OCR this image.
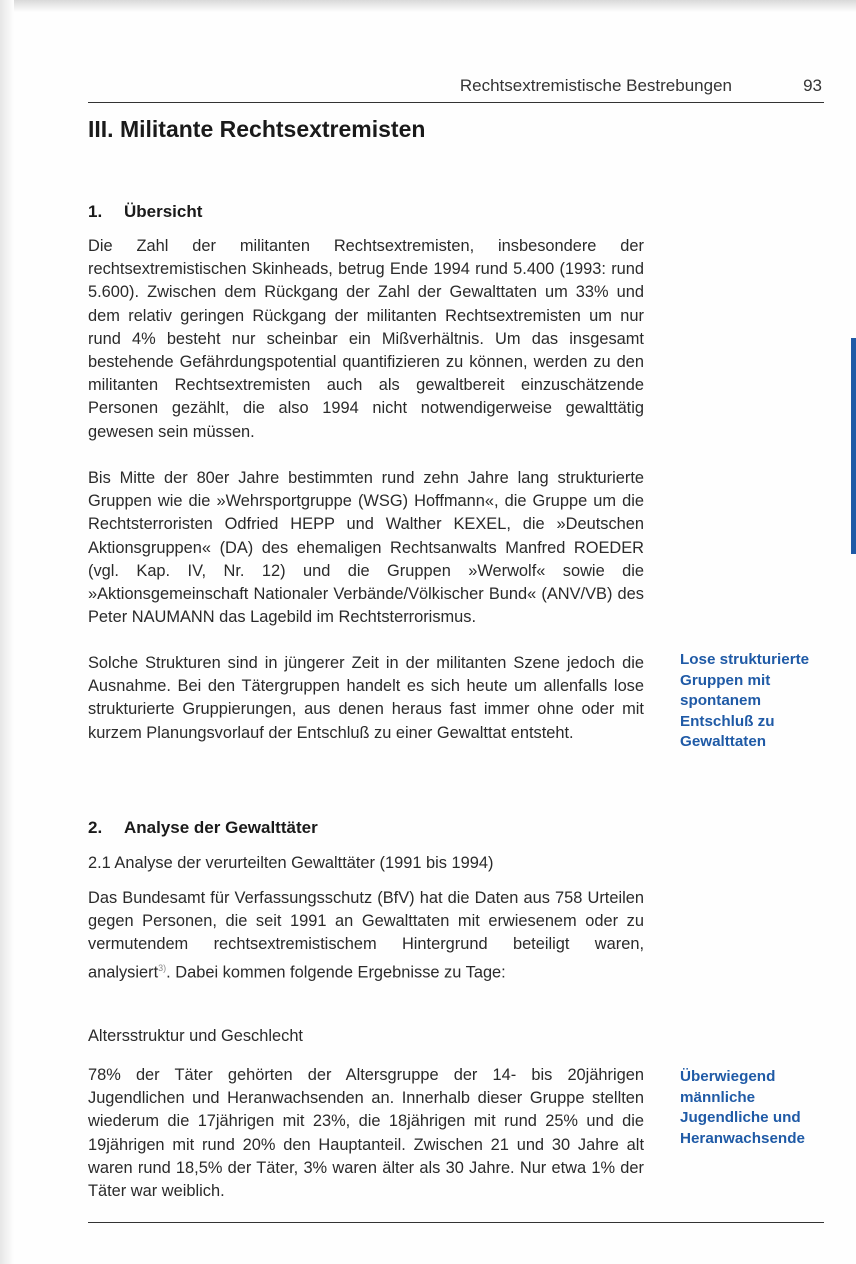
Rechtsextremistische Bestrebungen	93
III. Militante Rechtsextremisten
1. Übersicht

Die Zahl der militanten Rechtsextremisten, insbesondere der rechtsextremistischen Skinheads, betrug Ende 1994 rund 5.400 (1993: rund 5.600). Zwischen dem Rückgang der Zahl der Gewalttaten um 33% und dem relativ geringen Rückgang der militanten Rechtsextremisten um nur rund 4% besteht nur scheinbar ein Mißverhältnis. Um das insgesamt bestehende Gefährdungspotential quantifizieren zu können, werden zu den militanten Rechtsextremisten auch als gewaltbereit einzuschätzende Personen gezählt, die also 1994 nicht notwendigerweise gewalttätig gewesen sein müssen.

Bis Mitte der 80er Jahre bestimmten rund zehn Jahre lang strukturierte Gruppen wie die »Wehrsportgruppe (WSG) Hoffmann«, die Gruppe um die Rechtsterroristen Odfried HEPP und Walther KEXEL, die »Deutschen Aktionsgruppen« (DA) des ehemaligen Rechtsanwalts Manfred ROEDER (vgl. Kap. IV, Nr. 12) und die Gruppen »Werwolf« sowie die »Aktionsgemeinschaft Nationaler Verbände/Völkischer Bund« (ANV/VB) des Peter NAUMANN das Lagebild im Rechtsterrorismus.

Solche Strukturen sind in jüngerer Zeit in der militanten Szene jedoch die Ausnahme. Bei den Tätergruppen handelt es sich heute um allenfalls lose strukturierte Gruppierungen, aus denen heraus fast immer ohne oder mit kurzem Planungsvorlauf der Entschluß zu einer Gewalttat entsteht.

Lose strukturierte Gruppen mit spontanem Entschluß zu Gewalttaten
2. Analyse der Gewalttäter

2.1 Analyse der verurteilten Gewalttäter (1991 bis 1994)

Das Bundesamt für Verfassungsschutz (BfV) hat die Daten aus 758 Urteilen gegen Personen, die seit 1991 an Gewalttaten mit erwiesenem oder zu vermutendem rechtsextremistischem Hintergrund beteiligt waren, analysiert$^{3)}$. Dabei kommen folgende Ergebnisse zu Tage:

Altersstruktur und Geschlecht

78% der Täter gehörten der Altersgruppe der 14- bis 20jährigen Jugendlichen und Heranwachsenden an. Innerhalb dieser Gruppe stellten wiederum die 17jährigen mit 23%, die 18jährigen mit rund 25% und die 19jährigen mit rund 20% den Hauptanteil. Zwischen 21 und 30 Jahre alt waren rund 18,5% der Täter, 3% waren älter als 30 Jahre. Nur etwa 1% der Täter war weiblich.

Überwiegend männliche Jugendliche und Heranwachsende
